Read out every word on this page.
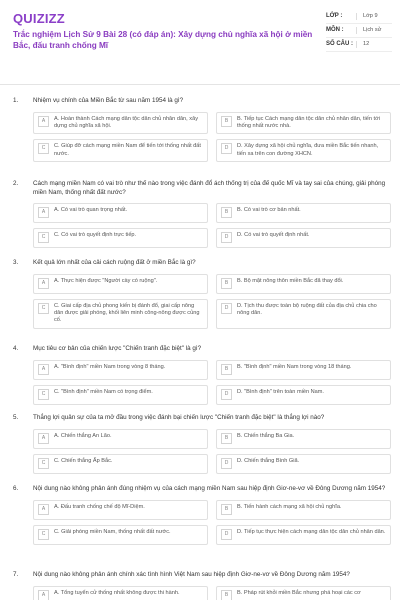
QUIZIZZ
Trắc nghiệm Lịch Sử 9 Bài 28 (có đáp án): Xây dựng chủ nghĩa xã hội ở miền Bắc, đấu tranh chống Mĩ
LỚP :	Lớp 9
MÔN :	Lịch sử
SỐ CÂU :	12
1.	Nhiệm vụ chính của Miền Bắc từ sau năm 1954 là gì?
A	A. Hoàn thành Cách mạng dân tộc dân chủ nhân dân, xây dựng chủ nghĩa xã hội.
B	B. Tiếp tục Cách mạng dân tộc dân chủ nhân dân, tiến tới thống nhất nước nhà.
C	C. Giúp đỡ cách mạng miền Nam để tiến tới thống nhất đất nước.
D	D. Xây dựng xã hội chủ nghĩa, đưa miền Bắc tiến nhanh, tiến xa trên con đường XHCN.
2.	Cách mạng miền Nam có vai trò như thế nào trong việc đánh đổ ách thống trị của đế quốc Mĩ và tay sai của chúng, giải phóng miền Nam, thống nhất đất nước?
A	A. Có vai trò quan trọng nhất.	B	B. Có vai trò cơ bản nhất.
C	C. Có vai trò quyết định trực tiếp.	D	D. Có vai trò quyết định nhất.
3.	Kết quả lớn nhất của cải cách ruộng đất ở miền Bắc là gì?
A	A. Thực hiện được "Người cày có ruộng".	B	B. Bộ mặt nông thôn miền Bắc đã thay đổi.
C	C. Giai cấp địa chủ phong kiến bị đánh đổ, giai cấp nông dân được giải phóng, khối liên minh công-nông được củng cố.
D	D. Tịch thu được toàn bộ ruộng đất của địa chủ chia cho nông dân.
4.	Mục tiêu cơ bản của chiến lược "Chiến tranh đặc biệt" là gì?
A	A. "Bình định" miền Nam trong vòng 8 tháng.	B	B. "Bình định" miền Nam trong vòng 18 tháng.
C	C. "Bình định" miền Nam có trọng điểm.	D	D. "Bình định" trên toàn miền Nam.
5.	Thắng lợi quân sự của ta mở đầu trong việc đánh bại chiến lược "Chiến tranh đặc biệt" là thắng lợi nào?
A	A. Chiến thắng An Lão.	B	B. Chiến thắng Ba Gia.
C	C. Chiến thắng Ấp Bắc.	D	D. Chiến thắng Bình Giã.
6.	Nội dung nào không phản ánh đúng nhiệm vụ của cách mạng miền Nam sau hiệp định Giơ-ne-vơ về Đông Dương năm 1954?
A	A. Đấu tranh chống chế độ Mĩ-Diệm.	B	B. Tiến hành cách mạng xã hội chủ nghĩa.
C	C. Giải phóng miền Nam, thống nhất đất nước.	D	D. Tiếp tục thực hiện cách mạng dân tộc dân chủ nhân dân.
7.	Nội dung nào không phản ánh chính xác tình hình Việt Nam sau hiệp định Giơ-ne-vơ về Đông Dương năm 1954?
A	A. Tổng tuyển cử thống nhất không được thi hành.	B	B. Pháp rút khỏi miền Bắc nhưng phá hoại các cơ
